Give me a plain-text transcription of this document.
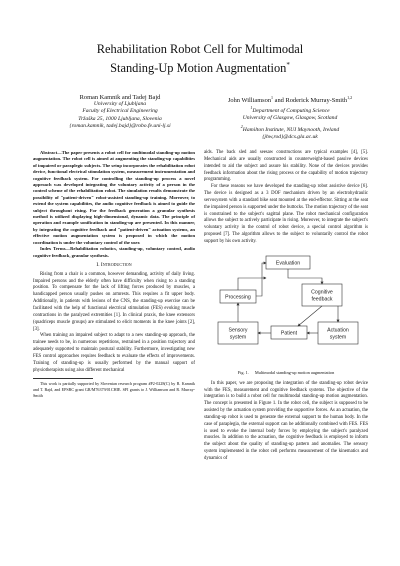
Rehabilitation Robot Cell for Multimodal
Standing-Up Motion Augmentation*
Roman Kamnik and Tadej Bajd
University of Ljubljana
Faculty of Electrical Engineering
Tržaška 25, 1000 Ljubljana, Slovenia
{roman.kamnik, tadej.bajd}@robo.fe.uni-lj.si
John Williamson$^1$ and Roderick Murray-Smith$^{1,2}$
$^1$Department of Computing Science
University of Glasgow, Glasgow, Scotland
$^2$Hamilton Institute, NUI Maynooth, Ireland
{jhw,rod}@dcs.gla.ac.uk

Abstract—The paper presents a robot cell for multimodal standing-up motion augmentation. The robot cell is aimed at augmenting the standing-up capabilities of impaired or paraplegic subjects. The setup incorporates the rehabilitation robot device, functional electrical stimulation system, measurement instrumentation and cognitive feedback system. For controlling the standing-up process a novel approach was developed integrating the voluntary activity of a person in the control scheme of the rehabilitation robot. The simulation results demonstrate the possibility of "patient-driven" robot-assisted standing-up training. Moreover, to extend the system capabilities, the audio cognitive feedback is aimed to guide the subject throughout rising. For the feedback generation a granular synthesis method is utilized displaying high-dimensional, dynamic data. The principle of operation and example sonification in standing-up are presented. In this manner, by integrating the cognitive feedback and "patient-driven" actuation systems, an effective motion augmentation system is proposed in which the motion coordination is under the voluntary control of the user.

Index Terms—Rehabilitation robotics, standing-up, voluntary control, audio cognitive feedback, granular synthesis.

I. Introduction

Rising from a chair is a common, however demanding, activity of daily living. Impaired persons and the elderly often have difficulty when rising to a standing position. To compensate for the lack of lifting forces produced by muscles, a handicapped person usually pushes on armrests. This requires a fit upper body. Additionally, in patients with lesions of the CNS, the standing-up exercise can be facilitated with the help of functional electrical stimulation (FES) evoking muscle contractions in the paralyzed extremities [1]. In clinical praxis, the knee extensors (quadriceps muscle groups) are stimulated to elicit moments in the knee joints [2], [3].

When training an impaired subject to adapt to a new standing-up approach, the trainee needs to be, in numerous repetitions, restrained in a position trajectory and adequately supported to maintain postural stability. Furthermore, investigating new FES control approaches requires feedback to evaluate the effects of improvements. Training of standing-up is usually performed by the manual support of physiotherapists using also different mechanical

This work is partially supported by Slovenian research program #P2-0228(C) by R. Kamnik and T. Bajd, and EPSRC grant GR/M76379/01CHIE. SFI grants to J. Williamson and R. Murray-Smith

aids. The back sled and seesaw constructions are typical examples [4], [5]. Mechanical aids are usually constructed in counterweight-based passive devices intended to aid the subject and assure his stability. None of the devices provides feedback information about the rising process or the capability of motion trajectory programming.

For these reasons we have developed the standing-up robot assistive device [6]. The device is designed as a 3 DOF mechanism driven by an electrohydraulic servosystem with a standard bike seat mounted at the end-effector. Sitting at the seat the impaired person is supported under the buttocks. The motion trajectory of the seat is constrained to the subject's sagittal plane. The robot mechanical configuration allows the subject to actively participate in rising. Moreover, to integrate the subject's voluntary activity in the control of robot device, a special control algorithm is proposed [7]. The algorithm allows to the subject to voluntarily control the robot support by his own activity.

Evaluation
Processing
Cognitive
feedback
Sensory
system
Patient	Actuation
system
Fig. 1. Multimodal standing-up motion augmentation

In this paper, we are proposing the integration of the standing-up robot device with the FES, measurement and cognitive feedback systems. The objective of the integration is to build a robot cell for multimodal standing-up motion augmentation. The concept is presented in Figure 1. In the robot cell, the subject is supposed to be assisted by the actuation system providing the supportive forces. As an actuation, the standing-up robot is used to generate the external support to the human body. In the case of paraplegia, the external support can be additionally combined with FES. FES is used to evoke the internal body forces by employing the subject's paralyzed muscles. In addition to the actuation, the cognitive feedback is employed to inform the subject about the quality of standing-up pattern and anomalies. The sensory system implemented in the robot cell performs measurement of the kinematics and dynamics of
